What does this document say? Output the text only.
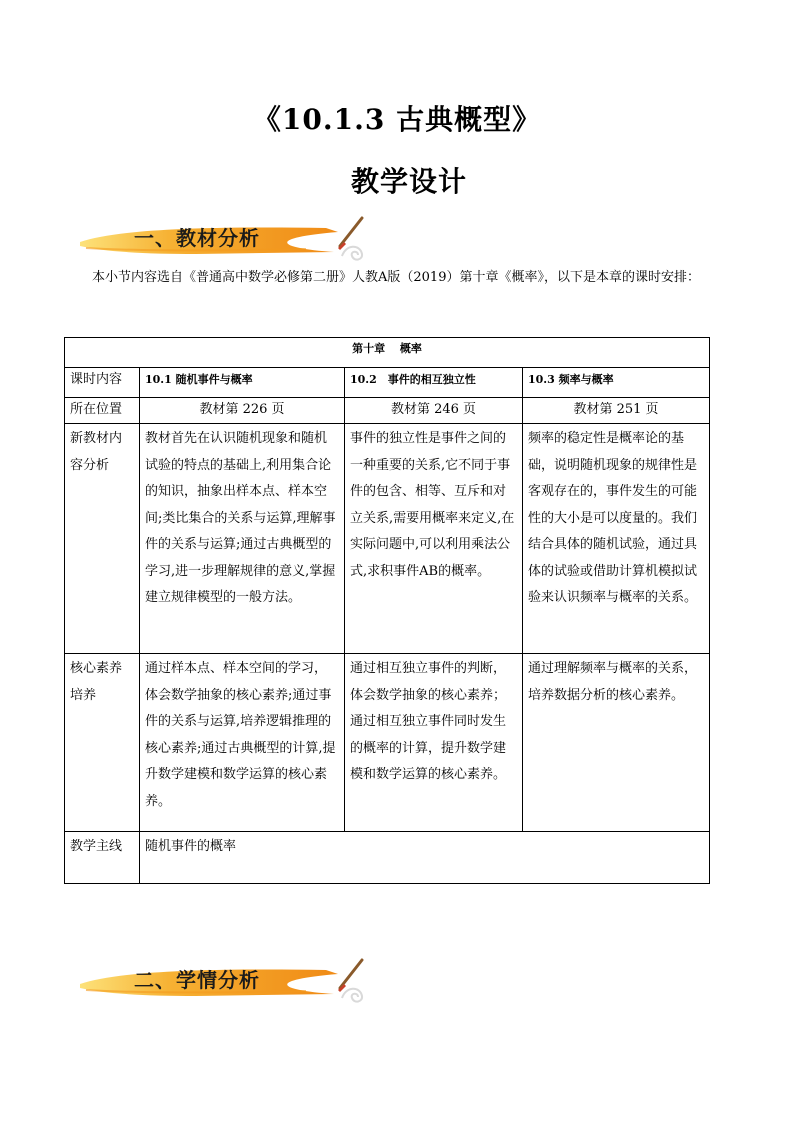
《10.1.3 古典概型》
教学设计
一、教材分析

本小节内容选自《普通高中数学必修第二册》人教A版（2019）第十章《概率》，以下是本章的课时安排：

第十章　 概率			
课时内容	10.1 随机事件与概率	10.2　事件的相互独立性	10.3 频率与概率
所在位置	教材第 226 页	教材第 246 页	教材第 251 页
新教材内容分析	教材首先在认识随机现象和随机试验的特点的基础上,利用集合论的知识，抽象出样本点、样本空间;类比集合的关系与运算,理解事件的关系与运算;通过古典概型的学习,进一步理解规律的意义,掌握建立规律模型的一般方法。	事件的独立性是事件之间的一种重要的关系,它不同于事件的包含、相等、互斥和对立关系,需要用概率来定义,在实际问题中,可以利用乘法公式,求积事件AB的概率。	频率的稳定性是概率论的基础，说明随机现象的规律性是客观存在的，事件发生的可能性的大小是可以度量的。我们结合具体的随机试验，通过具体的试验或借助计算机模拟试验来认识频率与概率的关系。
核心素养培养	通过样本点、样本空间的学习，体会数学抽象的核心素养;通过事件的关系与运算,培养逻辑推理的核心素养;通过古典概型的计算,提升数学建模和数学运算的核心素养。	通过相互独立事件的判断，体会数学抽象的核心素养；通过相互独立事件同时发生的概率的计算，提升数学建模和数学运算的核心素养。	通过理解频率与概率的关系，培养数据分析的核心素养。
教学主线	随机事件的概率		
二、学情分析
